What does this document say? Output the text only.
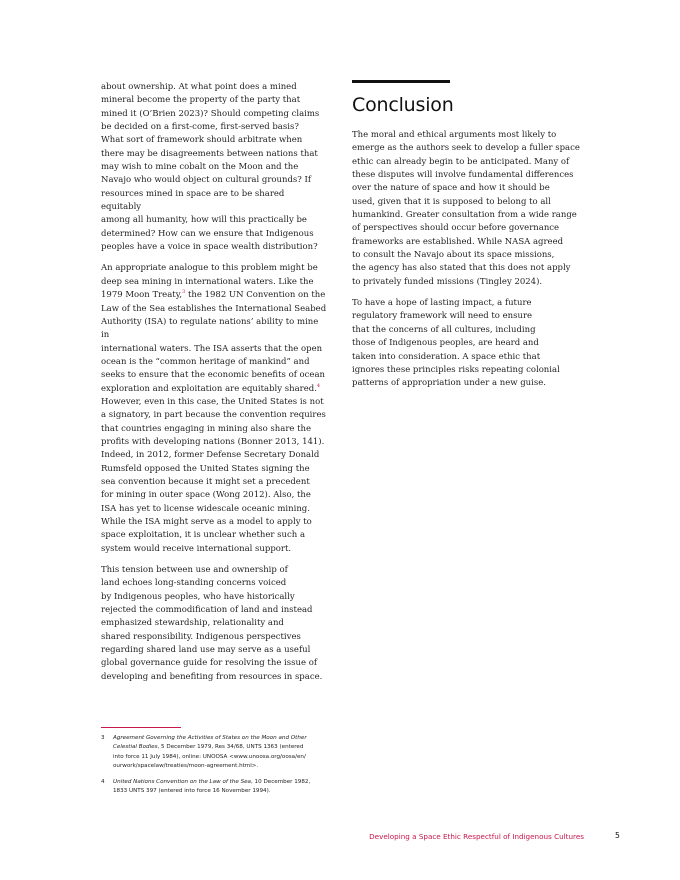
about ownership. At what point does a mined
mineral become the property of the party that
mined it (O’Brien 2023)? Should competing claims
be decided on a first-come, first-served basis?
What sort of framework should arbitrate when
there may be disagreements between nations that
may wish to mine cobalt on the Moon and the
Navajo who would object on cultural grounds? If
resources mined in space are to be shared equitably
among all humanity, how will this practically be
determined? How can we ensure that Indigenous
peoples have a voice in space wealth distribution?

An appropriate analogue to this problem might be
deep sea mining in international waters. Like the
1979 Moon Treaty,$^3$ the 1982 UN Convention on the
Law of the Sea establishes the International Seabed
Authority (ISA) to regulate nations’ ability to mine in
international waters. The ISA asserts that the open
ocean is the “common heritage of mankind” and
seeks to ensure that the economic benefits of ocean
exploration and exploitation are equitably shared.$^4$
However, even in this case, the United States is not
a signatory, in part because the convention requires
that countries engaging in mining also share the
profits with developing nations (Bonner 2013, 141).
Indeed, in 2012, former Defense Secretary Donald
Rumsfeld opposed the United States signing the
sea convention because it might set a precedent
for mining in outer space (Wong 2012). Also, the
ISA has yet to license widescale oceanic mining.
While the ISA might serve as a model to apply to
space exploitation, it is unclear whether such a
system would receive international support.

This tension between use and ownership of
land echoes long-standing concerns voiced
by Indigenous peoples, who have historically
rejected the commodification of land and instead
emphasized stewardship, relationality and
shared responsibility. Indigenous perspectives
regarding shared land use may serve as a useful
global governance guide for resolving the issue of
developing and benefiting from resources in space.

Conclusion

The moral and ethical arguments most likely to
emerge as the authors seek to develop a fuller space
ethic can already begin to be anticipated. Many of
these disputes will involve fundamental differences
over the nature of space and how it should be
used, given that it is supposed to belong to all
humankind. Greater consultation from a wide range
of perspectives should occur before governance
frameworks are established. While NASA agreed
to consult the Navajo about its space missions,
the agency has also stated that this does not apply
to privately funded missions (Tingley 2024).

To have a hope of lasting impact, a future
regulatory framework will need to ensure
that the concerns of all cultures, including
those of Indigenous peoples, are heard and
taken into consideration. A space ethic that
ignores these principles risks repeating colonial
patterns of appropriation under a new guise.

3	Agreement Governing the Activities of States on the Moon and Other
Celestial Bodies, 5 December 1979, Res 34/68, UNTS 1363 (entered
into force 11 July 1984), online: UNOOSA <www.unoosa.org/oosa/en/
ourwork/spacelaw/treaties/moon-agreement.html>.
4	United Nations Convention on the Law of the Sea, 10 December 1982,
1833 UNTS 397 (entered into force 16 November 1994).
Developing a Space Ethic Respectful of Indigenous Cultures	5
